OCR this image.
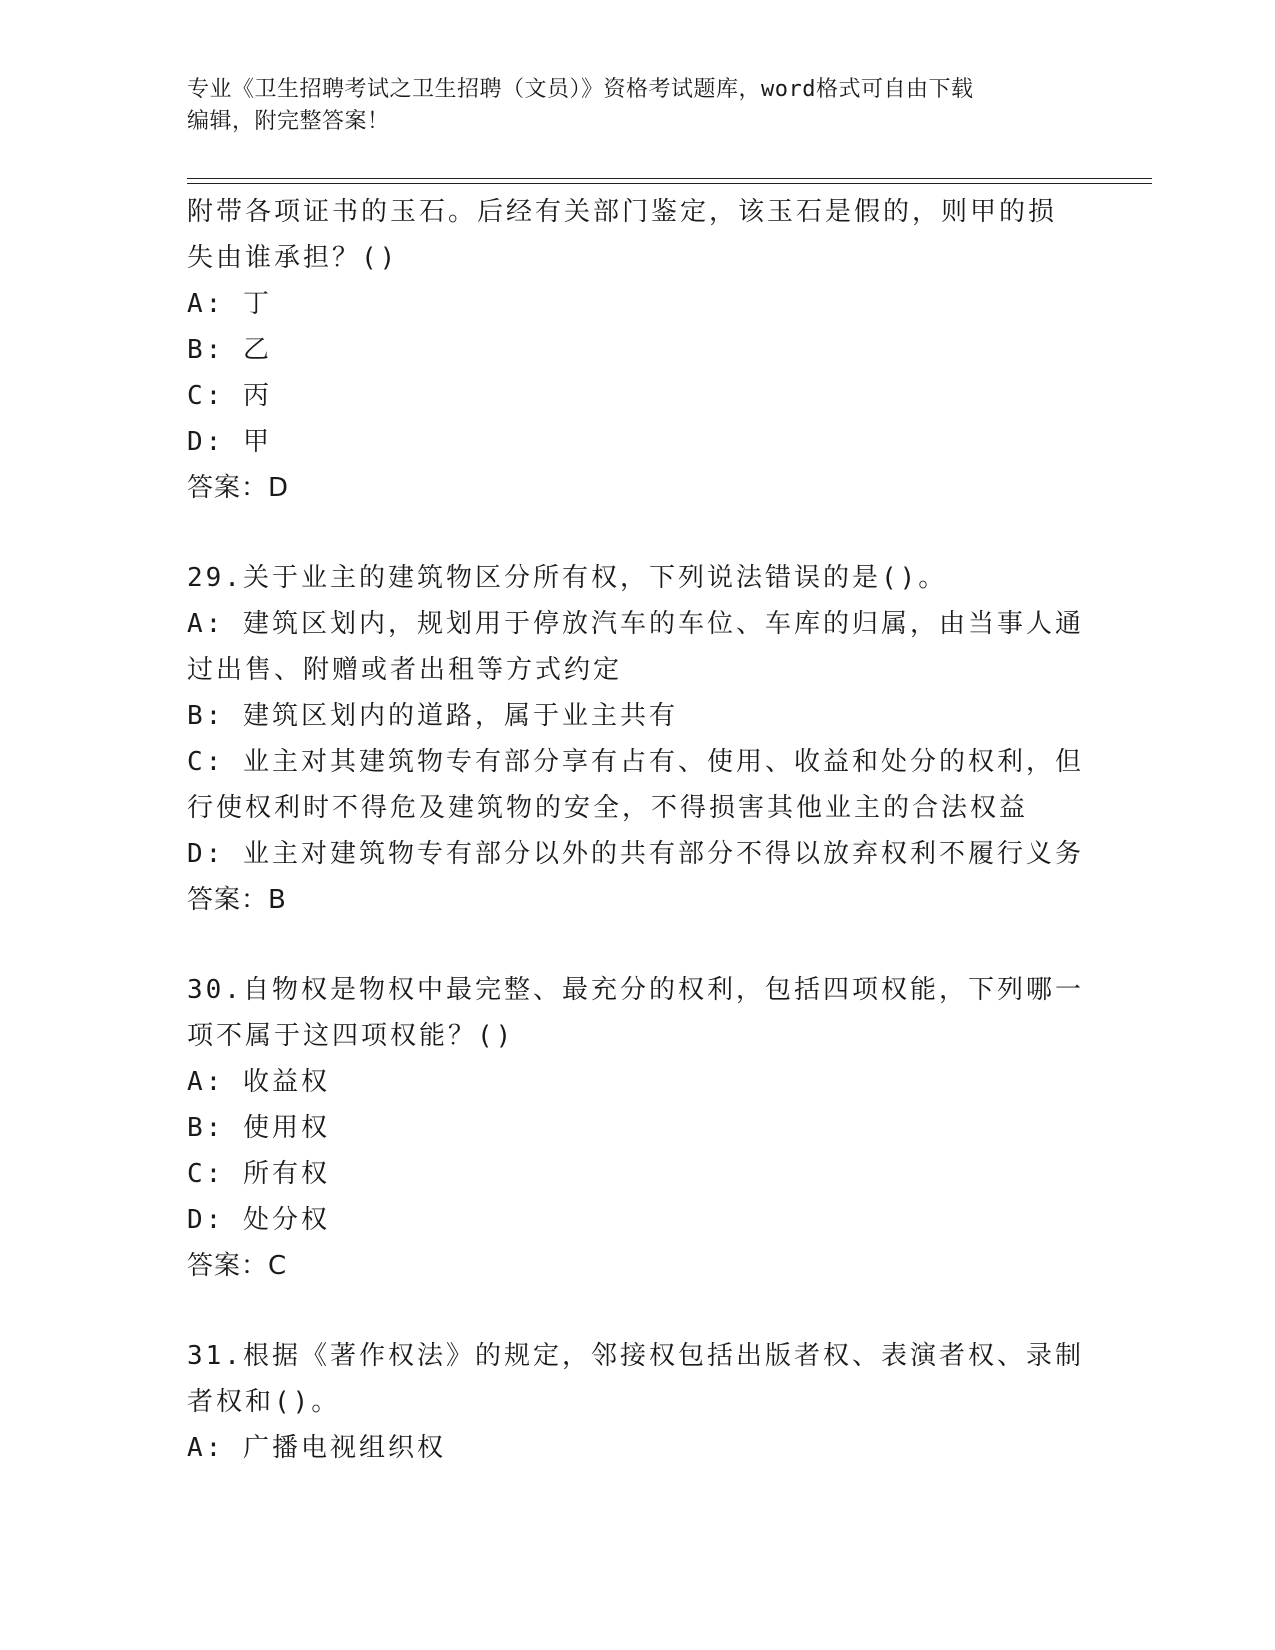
专业《卫生招聘考试之卫生招聘（文员）》资格考试题库，word格式可自由下载
编辑，附完整答案！
附带各项证书的玉石。后经有关部门鉴定，该玉石是假的，则甲的损
失由谁承担？()
A: 丁
B: 乙
C: 丙
D: 甲
答案：D
29.关于业主的建筑物区分所有权，下列说法错误的是()。
A: 建筑区划内，规划用于停放汽车的车位、车库的归属，由当事人通
过出售、附赠或者出租等方式约定
B: 建筑区划内的道路，属于业主共有
C: 业主对其建筑物专有部分享有占有、使用、收益和处分的权利，但
行使权利时不得危及建筑物的安全，不得损害其他业主的合法权益
D: 业主对建筑物专有部分以外的共有部分不得以放弃权利不履行义务
答案：B
30.自物权是物权中最完整、最充分的权利，包括四项权能，下列哪一
项不属于这四项权能？()
A: 收益权
B: 使用权
C: 所有权
D: 处分权
答案：C
31.根据《著作权法》的规定，邻接权包括出版者权、表演者权、录制
者权和()。
A: 广播电视组织权
